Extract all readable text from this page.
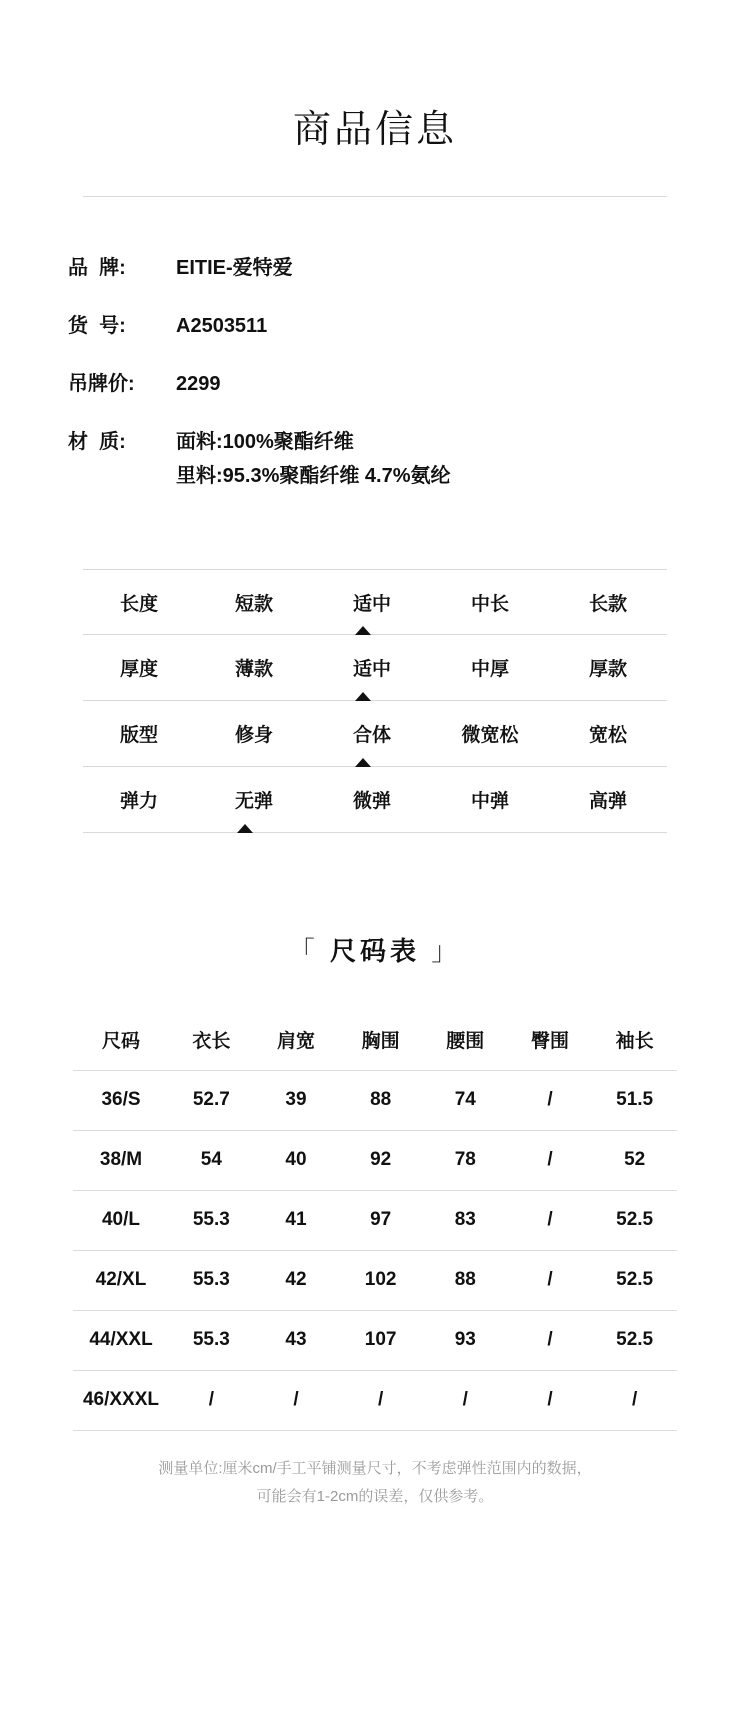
商品信息
品  牌:	EITIE-爱特爱
货  号:	A2503511
吊牌价:	2299
材  质:	面料:100%聚酯纤维
里料:95.3%聚酯纤维 4.7%氨纶
长度	短款	适中	中长	长款
厚度	薄款	适中	中厚	厚款
版型	修身	合体	微宽松	宽松
弹力	无弹	微弹	中弹	高弹
「 尺码表 」
尺码	衣长	肩宽	胸围	腰围	臀围	袖长
36/S	52.7	39	88	74	/	51.5
38/M	54	40	92	78	/	52
40/L	55.3	41	97	83	/	52.5
42/XL	55.3	42	102	88	/	52.5
44/XXL	55.3	43	107	93	/	52.5
46/XXXL	/	/	/	/	/	/
测量单位:厘米cm/手工平铺测量尺寸，不考虑弹性范围内的数据，
可能会有1-2cm的误差，仅供参考。
